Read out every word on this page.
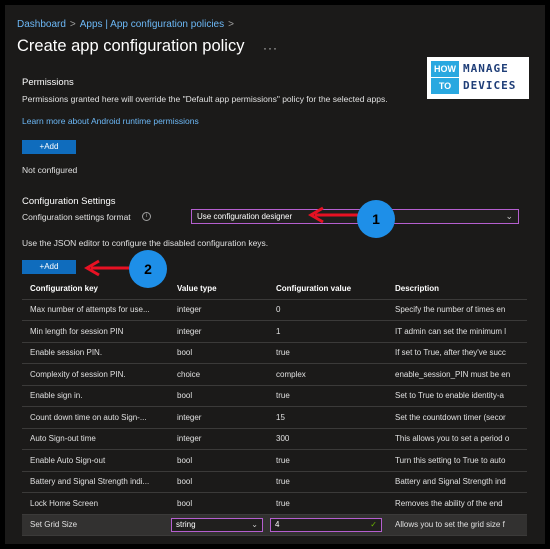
Dashboard > Apps | App configuration policies >
Create app configuration policy ···
HOW
TO
MANAGE
DEVICES
Permissions
Permissions granted here will override the "Default app permissions" policy for the selected apps.
Learn more about Android runtime permissions
+Add
Not configured
Configuration Settings
Configuration settings format	i	Use configuration designer	⌄
Use the JSON editor to configure the disabled configuration keys.
+Add
1
2
Configuration key	Value type	Configuration value	Description
Max number of attempts for use...	integer	0	Specify the number of times en
Min length for session PIN	integer	1	IT admin can set the minimum l
Enable session PIN.	bool	true	If set to True, after they've succ
Complexity of session PIN.	choice	complex	enable_session_PIN must be en
Enable sign in.	bool	true	Set to True to enable identity-a
Count down time on auto Sign-...	integer	15	Set the countdown timer (secor
Auto Sign-out time	integer	300	This allows you to set a period o
Enable Auto Sign-out	bool	true	Turn this setting to True to auto
Battery and Signal Strength indi...	bool	true	Battery and Signal Strength ind
Lock Home Screen	bool	true	Removes the ability of the end
Set Grid Size	string ⌄	4 ✓	Allows you to set the grid size f
